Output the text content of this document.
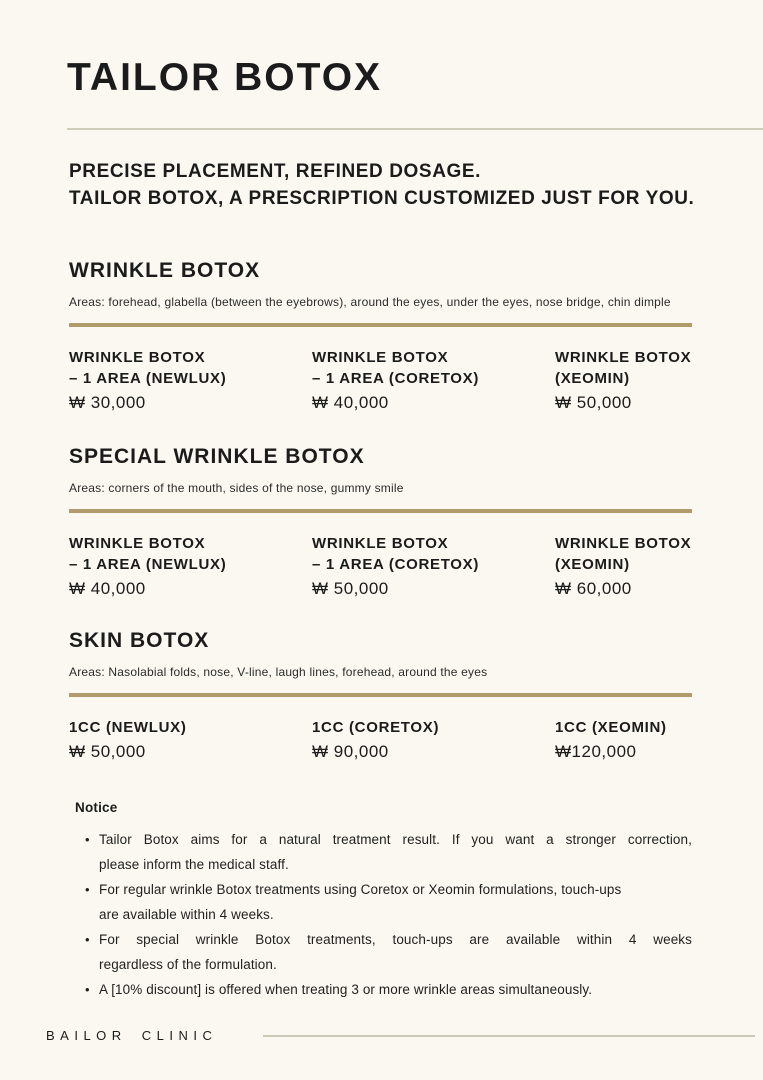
TAILOR BOTOX
PRECISE PLACEMENT, REFINED DOSAGE.
TAILOR BOTOX, A PRESCRIPTION CUSTOMIZED JUST FOR YOU.
WRINKLE BOTOX
Areas: forehead, glabella (between the eyebrows), around the eyes, under the eyes, nose bridge, chin dimple
WRINKLE BOTOX
– 1 AREA (NEWLUX)
₩ 30,000
WRINKLE BOTOX
– 1 AREA (CORETOX)
₩ 40,000
WRINKLE BOTOX
(XEOMIN)
₩ 50,000
SPECIAL WRINKLE BOTOX
Areas: corners of the mouth, sides of the nose, gummy smile
WRINKLE BOTOX
– 1 AREA (NEWLUX)
₩ 40,000
WRINKLE BOTOX
– 1 AREA (CORETOX)
₩ 50,000
WRINKLE BOTOX
(XEOMIN)
₩ 60,000
SKIN BOTOX
Areas: Nasolabial folds, nose, V-line, laugh lines, forehead, around the eyes
1CC (NEWLUX)
₩ 50,000
1CC (CORETOX)
₩ 90,000
1CC (XEOMIN)
₩120,000
Notice
• Tailor Botox aims for a natural treatment result. If you want a stronger correction,
please inform the medical staff.
• For regular wrinkle Botox treatments using Coretox or Xeomin formulations, touch-ups
are available within 4 weeks.
• For special wrinkle Botox treatments, touch-ups are available within 4 weeks
regardless of the formulation.
• A [10% discount] is offered when treating 3 or more wrinkle areas simultaneously.
BAILOR CLINIC
